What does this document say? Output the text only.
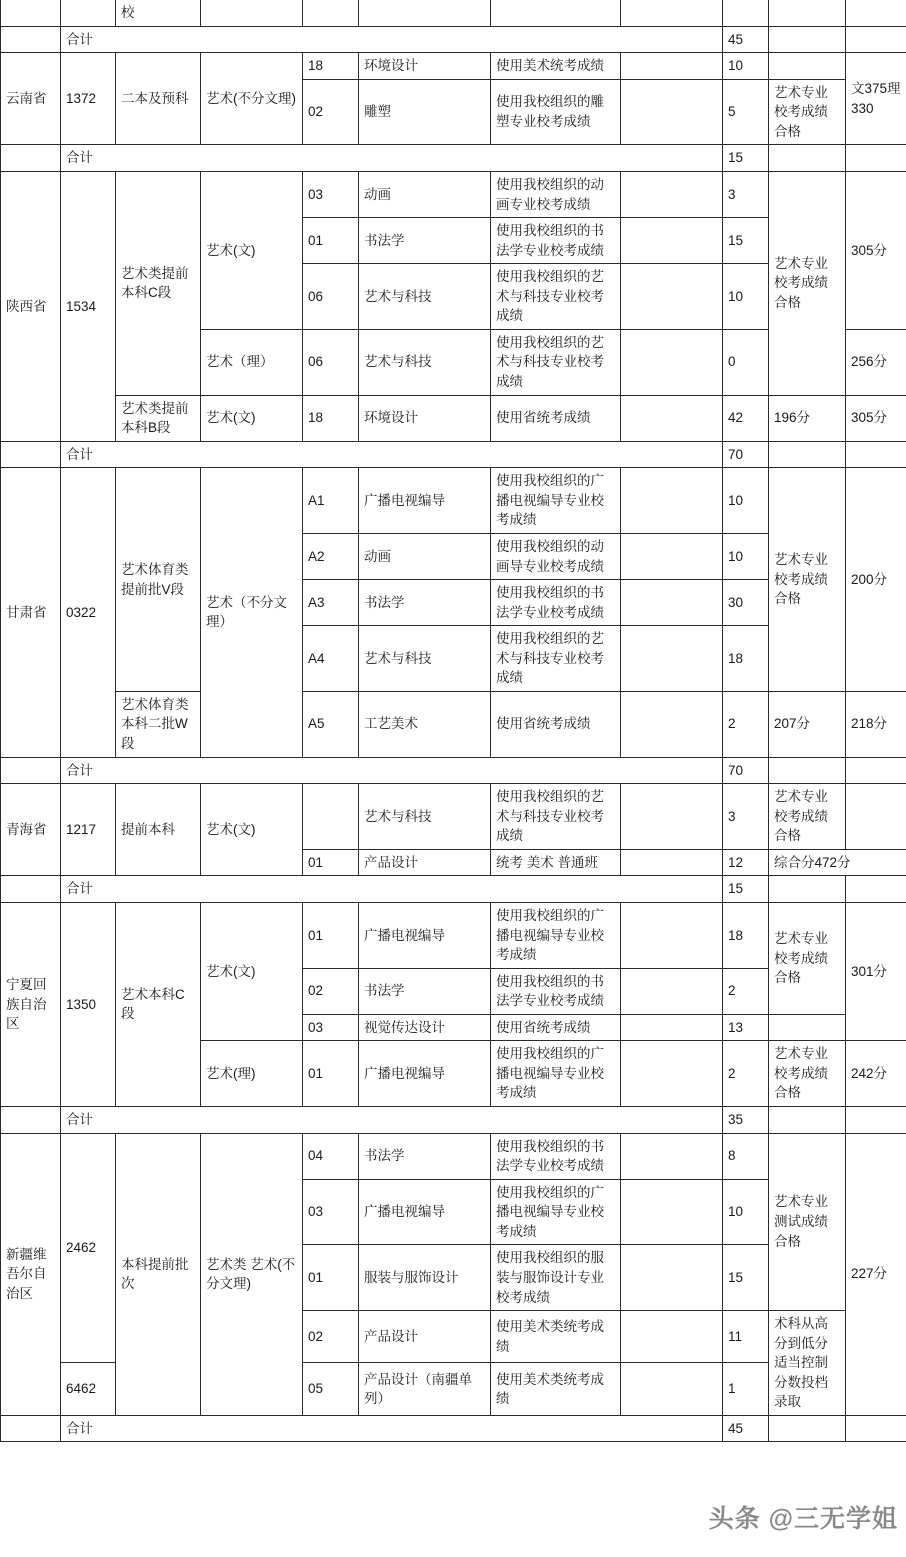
		校								
	合计							45		
云南省	1372	二本及预科	艺术(不分文理)	18	环境设计	使用美术统考成绩		10		文375理330
				02	雕塑	使用我校组织的雕塑专业校考成绩		5	艺术专业校考成绩合格	
	合计							15		
陕西省	1534	艺术类提前本科C段	艺术(文)	03	动画	使用我校组织的动画专业校考成绩		3	艺术专业校考成绩合格	305分
				01	书法学	使用我校组织的书法学专业校考成绩		15		
				06	艺术与科技	使用我校组织的艺术与科技专业校考成绩		10		
			艺术（理）	06	艺术与科技	使用我校组织的艺术与科技专业校考成绩		0		256分
		艺术类提前本科B段	艺术(文)	18	环境设计	使用省统考成绩		42	196分	305分
	合计							70		
甘肃省	0322	艺术体育类提前批V段	艺术（不分文理）	A1	广播电视编导	使用我校组织的广播电视编导专业校考成绩		10	艺术专业校考成绩合格	200分
				A2	动画	使用我校组织的动画导专业校考成绩		10		
				A3	书法学	使用我校组织的书法学专业校考成绩		30		
				A4	艺术与科技	使用我校组织的艺术与科技专业校考成绩		18		
		艺术体育类本科二批W段		A5	工艺美术	使用省统考成绩		2	207分	218分
	合计							70		
青海省	1217	提前本科	艺术(文)		艺术与科技	使用我校组织的艺术与科技专业校考成绩		3	艺术专业校考成绩合格	
				01	产品设计	统考 美术 普通班		12	综合分472分	
	合计							15		
宁夏回族自治区	1350	艺术本科C段	艺术(文)	01	广播电视编导	使用我校组织的广播电视编导专业校考成绩		18	艺术专业校考成绩合格	301分
				02	书法学	使用我校组织的书法学专业校考成绩		2		
				03	视觉传达设计	使用省统考成绩		13		
			艺术(理)	01	广播电视编导	使用我校组织的广播电视编导专业校考成绩		2	艺术专业校考成绩合格	242分
	合计							35		
新疆维吾尔自治区	2462	本科提前批次	艺术类 艺术(不分文理)	04	书法学	使用我校组织的书法学专业校考成绩		8	艺术专业测试成绩合格	227分
				03	广播电视编导	使用我校组织的广播电视编导专业校考成绩		10		
				01	服装与服饰设计	使用我校组织的服装与服饰设计专业校考成绩		15		
				02	产品设计	使用美术类统考成绩		11	术科从高分到低分适当控制分数投档录取	
	6462			05	产品设计（南疆单列）	使用美术类统考成绩		1		
	合计							45		
头条 @三无学姐
